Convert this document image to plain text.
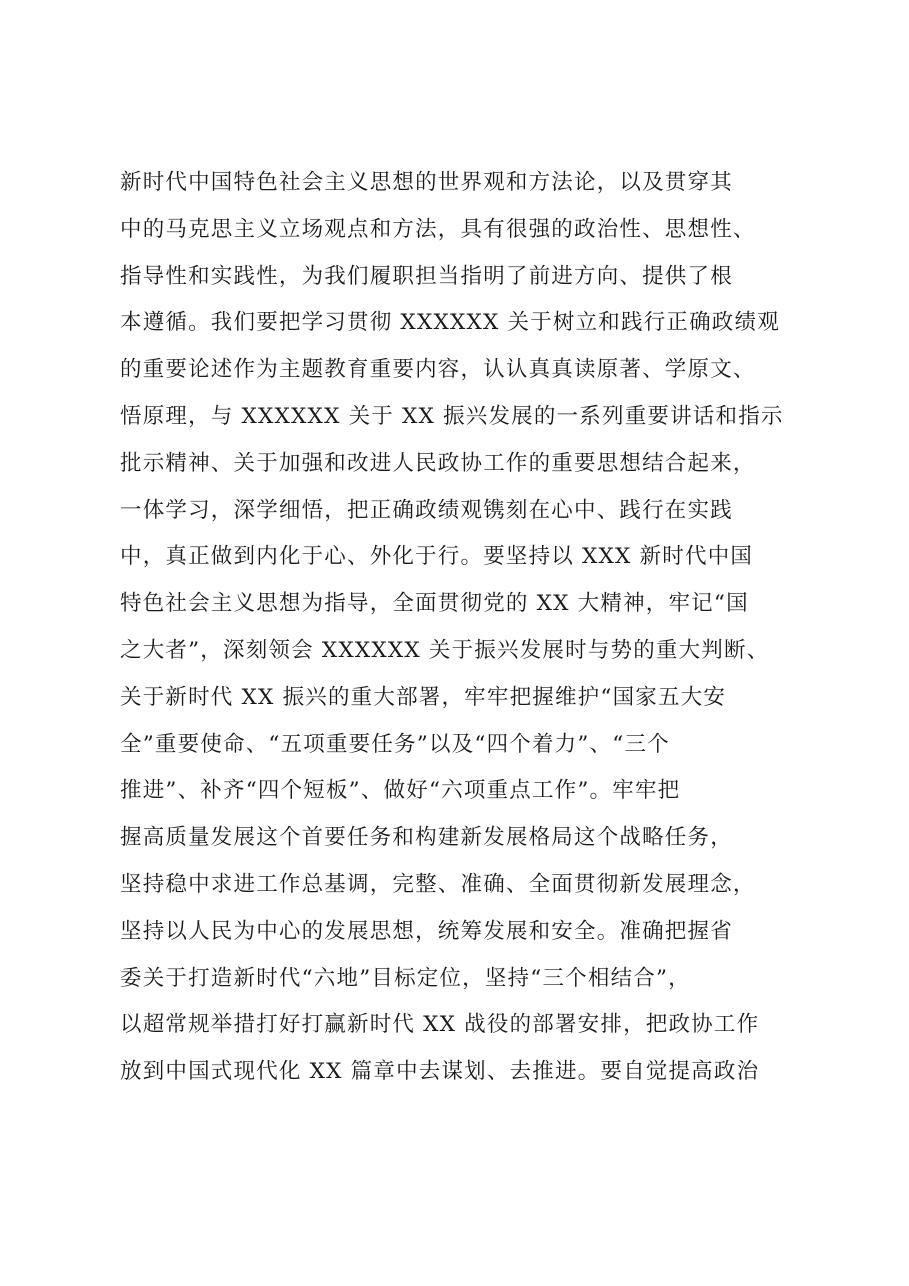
新时代中国特色社会主义思想的世界观和方法论，以及贯穿其
中的马克思主义立场观点和方法，具有很强的政治性、思想性、
指导性和实践性，为我们履职担当指明了前进方向、提供了根
本遵循。我们要把学习贯彻 XXXXXX 关于树立和践行正确政绩观
的重要论述作为主题教育重要内容，认认真真读原著、学原文、
悟原理，与 XXXXXX 关于 XX 振兴发展的一系列重要讲话和指示
批示精神、关于加强和改进人民政协工作的重要思想结合起来，
一体学习，深学细悟，把正确政绩观镌刻在心中、践行在实践
中，真正做到内化于心、外化于行。要坚持以 XXX 新时代中国
特色社会主义思想为指导，全面贯彻党的 XX 大精神，牢记“国
之大者”，深刻领会 XXXXXX 关于振兴发展时与势的重大判断、
关于新时代 XX 振兴的重大部署，牢牢把握维护“国家五大安
全”重要使命、“五项重要任务”以及“四个着力”、“三个
推进”、补齐“四个短板”、做好“六项重点工作”。牢牢把
握高质量发展这个首要任务和构建新发展格局这个战略任务，
坚持稳中求进工作总基调，完整、准确、全面贯彻新发展理念，
坚持以人民为中心的发展思想，统筹发展和安全。准确把握省
委关于打造新时代“六地”目标定位，坚持“三个相结合”，
以超常规举措打好打赢新时代 XX 战役的部署安排，把政协工作
放到中国式现代化 XX 篇章中去谋划、去推进。要自觉提高政治
